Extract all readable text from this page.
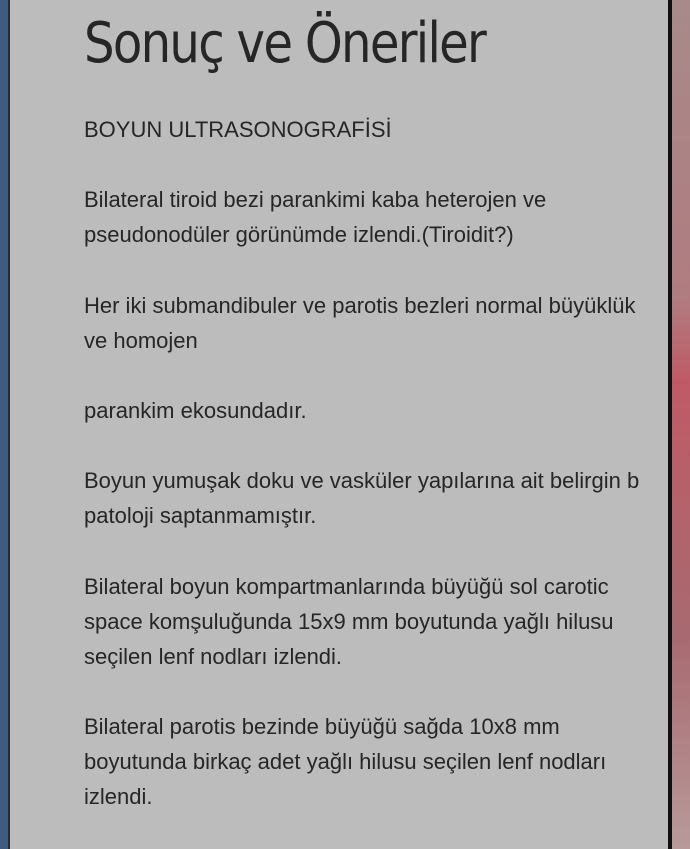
Sonuç ve Öneriler

BOYUN ULTRASONOGRAFİSİ

Bilateral tiroid bezi parankimi kaba heterojen ve
pseudonodüler görünümde izlendi.(Tiroidit?)

Her iki submandibuler ve parotis bezleri normal büyüklük
ve homojen

parankim ekosundadır.

Boyun yumuşak doku ve vasküler yapılarına ait belirgin b
patoloji saptanmamıştır.

Bilateral boyun kompartmanlarında büyüğü sol carotic
space komşuluğunda 15x9 mm boyutunda yağlı hilusu
seçilen lenf nodları izlendi.

Bilateral parotis bezinde büyüğü sağda 10x8 mm
boyutunda birkaç adet yağlı hilusu seçilen lenf nodları
izlendi.
